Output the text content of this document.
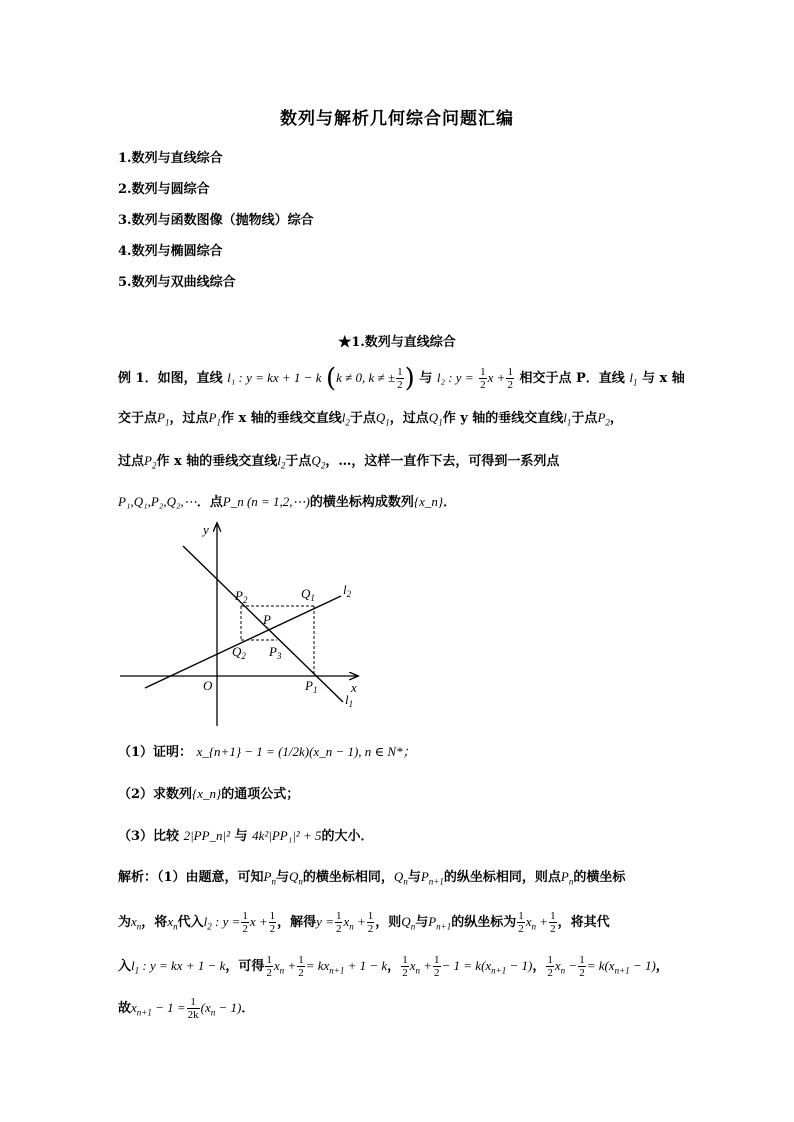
数列与解析几何综合问题汇编
1.数列与直线综合
2.数列与圆综合
3.数列与函数图像（抛物线）综合
4.数列与椭圆综合
5.数列与双曲线综合
★1.数列与直线综合
例 1．如图，直线 l₁ : y = kx + 1 − k (k ≠ 0, k ≠ ± $\frac{1}{2}$ ) 与 l₂ : $y = \frac{1}{2}$ $x + \frac{1}{2}$ 相交于点 P．直线 $l_1$ 与 x 轴
交于点$P_1$，过点$P_1$作 x 轴的垂线交直线$l_2$于点$Q_1$，过点$Q_1$作 y 轴的垂线交直线$l_1$于点$P_2$，
过点$P_2$作 x 轴的垂线交直线$l_2$于点$Q_2$，…，这样一直作下去，可得到一系列点
P₁,Q₁,P₂,Q₂,⋯．点P_n (n = 1,2,⋯)的横坐标构成数列{x_n}．
y
x
O
P
$P_2$	$Q_1$
$Q_2$ $P_3$
$P_1$
$l_2$
$l_1$
（1）证明： x_{n+1} − 1 = (1/2k)(x_n − 1), n ∈ N*；
（2）求数列{x_n}的通项公式；
（3）比较 2|PP_n|² 与 4k²|PP₁|² + 5的大小．
解析：（1）由题意，可知$P_n$与$Q_n$的横坐标相同，$Q_n$与$P_{n+1}$的纵坐标相同，则点$P_n$的横坐标
为$x_n$，将$x_n$代入$l_2$ : $y = \frac{1}{2}$ $x + \frac{1}{2}$ ，解得$y = \frac{1}{2} x_n + \frac{1}{2}$ ，则$Q_n$与$P_{n+1}$的纵坐标为 $\frac{1}{2} x_n + \frac{1}{2}$ ，将其代
入$l_1$ : y = kx + 1 − k，可得 $\frac{1}{2} x_n + \frac{1}{2} = kx_{n+1} + 1 - k$， $\frac{1}{2} x_n + \frac{1}{2} - 1 = k(x_{n+1} - 1)$， $\frac{1}{2} x_n - \frac{1}{2} = k(x_{n+1} - 1)$，
故$x_{n+1} - 1 = \frac{1}{2k} (x_n - 1)$．
